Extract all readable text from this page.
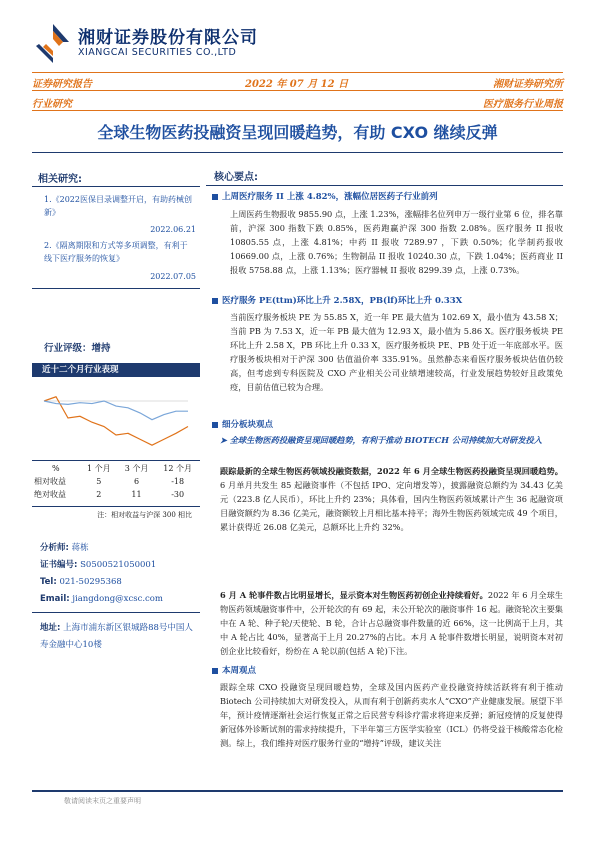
湘财证券股份有限公司
XIANGCAI SECURITIES CO.,LTD
证券研究报告	2022 年 07 月 12 日	湘财证券研究所
行业研究	医疗服务行业周报
全球生物医药投融资呈现回暖趋势，有助 CXO 继续反弹
相关研究:
1.《2022医保目录调整开启，有助药械创新》
2022.06.21
2.《隔离期限和方式等多项调整，有利于线下医疗服务的恢复》
2022.07.05
行业评级：增持
近十二个月行业表现
%	1 个月	3 个月	12 个月
相对收益	5	6	-18
绝对收益	2	11	-30
注：相对收益与沪深 300 相比
分析师: 蒋栋
证书编号: S0500521050001
Tel: 021-50295368
Email: jiangdong@xcsc.com
地址: 上海市浦东新区银城路88号中国人寿金融中心10楼
核心要点:
上周医疗服务 II 上涨 4.82%，涨幅位居医药子行业前列
上周医药生物报收 9855.90 点，上涨 1.23%，涨幅排名位列申万一级行业第 6 位，排名靠前，沪深 300 指数下跌 0.85%，医药跑赢沪深 300 指数 2.08%。医疗服务 II 报收 10805.55 点，上涨 4.81%；中药 II 报收 7289.97 ，下跌 0.50%；化学制药报收 10669.00 点，上涨 0.76%；生物制品 II 报收 10240.30 点，下跌 1.04%；医药商业 II 报收 5758.88 点，上涨 1.13%；医疗器械 II 报收 8299.39 点，上涨 0.73%。
医疗服务 PE(ttm)环比上升 2.58X，PB(lf)环比上升 0.33X
当前医疗服务板块 PE 为 55.85 X，近一年 PE 最大值为 102.69 X，最小值为 43.58 X；当前 PB 为 7.53 X，近一年 PB 最大值为 12.93 X，最小值为 5.86 X。医疗服务板块 PE 环比上升 2.58 X，PB 环比上升 0.33 X，医疗服务板块 PE、PB 处于近一年底部水平。医疗服务板块相对于沪深 300 估值溢价率 335.91%。虽然静态来看医疗服务板块估值仍较高，但考虑到专科医院及 CXO 产业相关公司业绩增速较高，行业发展趋势较好且政策免疫，目前估值已较为合理。
细分板块观点
➤ 全球生物医药投融资呈现回暖趋势，有利于推动 BIOTECH 公司持续加大对研发投入
跟踪最新的全球生物医药领域投融资数据，2022 年 6 月全球生物医药投融资呈现回暖趋势。6 月单月共发生 85 起融资事件（不包括 IPO、定向增发等），披露融资总额约为 34.43 亿美元（223.8 亿人民币），环比上升约 23%；具体看，国内生物医药领域累计产生 36 起融资项目融资额约为 8.36 亿美元，融资额较上月相比基本持平；海外生物医药领域完成 49 个项目，累计获得近 26.08 亿美元，总额环比上升约 32%。
6 月 A 轮事件数占比明显增长，显示资本对生物医药初创企业持续看好。2022 年 6 月全球生物医药领域融资事件中，公开轮次的有 69 起，未公开轮次的融资事件 16 起。融资轮次主要集中在 A 轮、种子轮/天使轮、B 轮，合计占总融资事件数量的近 66%，这一比例高于上月，其中 A 轮占比 40%，显著高于上月 20.27%的占比。本月 A 轮事件数增长明显，说明资本对初创企业比较看好，纷纷在 A 轮以前(包括 A 轮)下注。
本周观点
跟踪全球 CXO 投融资呈现回暖趋势，全球及国内医药产业投融资持续活跃将有利于推动 Biotech 公司持续加大对研发投入，从而有利于创新药卖水人“CXO”产业健康发展。展望下半年，预计疫情逐渐社会运行恢复正常之后民营专科诊疗需求将迎来反弹；新冠疫情的反复使得新冠体外诊断试剂的需求持续提升，下半年第三方医学实验室（ICL）仍将受益于核酸常态化检测。综上，我们维持对医疗服务行业的“增持”评级，建议关注
敬请阅读末页之重要声明
